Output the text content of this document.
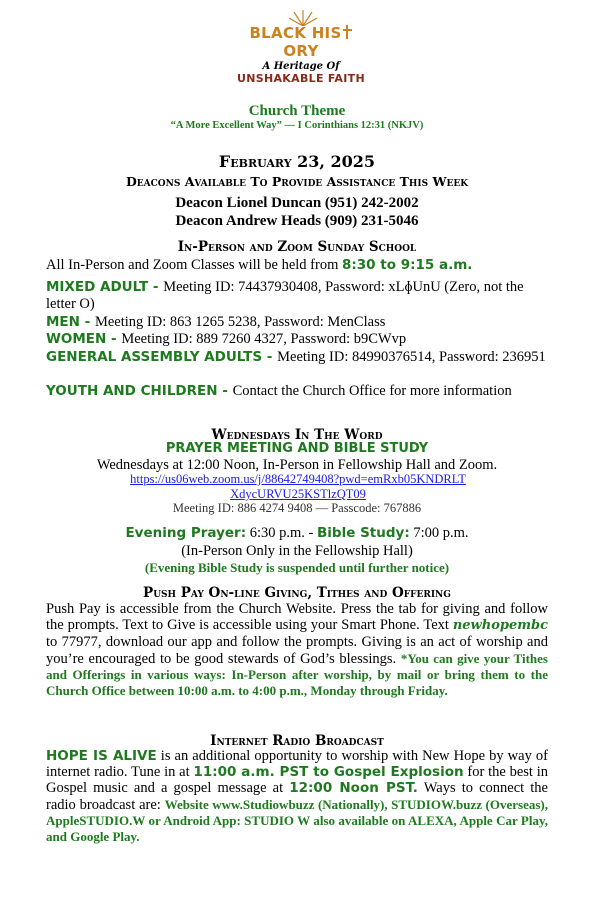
BLACK HISORY
A Heritage Of
UNSHAKABLE FAITH
Church Theme
“A More Excellent Way” — I Corinthians 12:31 (NKJV)
February 23, 2025
Deacons Available To Provide Assistance This Week
Deacon Lionel Duncan (951) 242-2002
Deacon Andrew Heads (909) 231-5046
In-Person and Zoom Sunday School
All In-Person and Zoom Classes will be held from 8:30 to 9:15 a.m.
MIXED ADULT - Meeting ID: 74437930408, Password: xLɸUnU (Zero, not the letter O)
MEN - Meeting ID: 863 1265 5238, Password: MenClass
WOMEN - Meeting ID: 889 7260 4327, Password: b9CWvp
GENERAL ASSEMBLY ADULTS - Meeting ID: 84990376514, Password: 236951
YOUTH AND CHILDREN - Contact the Church Office for more information
Wednesdays In The Word
PRAYER MEETING AND BIBLE STUDY
Wednesdays at 12:00 Noon, In-Person in Fellowship Hall and Zoom.
https://us06web.zoom.us/j/88642749408?pwd=emRxb05KNDRLTXdycURVU25KSTlzQT09
Meeting ID: 886 4274 9408 — Passcode: 767886
Evening Prayer: 6:30 p.m. - Bible Study: 7:00 p.m.
(In-Person Only in the Fellowship Hall)
(Evening Bible Study is suspended until further notice)
Push Pay On-line Giving, Tithes and Offering
Push Pay is accessible from the Church Website. Press the tab for giving and follow the prompts. Text to Give is accessible using your Smart Phone. Text newhopembc to 77977, download our app and follow the prompts. Giving is an act of worship and you’re encouraged to be good stewards of God’s blessings. *You can give your Tithes and Offerings in various ways: In-Person after worship, by mail or bring them to the Church Office between 10:00 a.m. to 4:00 p.m., Monday through Friday.
Internet Radio Broadcast
HOPE IS ALIVE is an additional opportunity to worship with New Hope by way of internet radio. Tune in at 11:00 a.m. PST to Gospel Explosion for the best in Gospel music and a gospel message at 12:00 Noon PST. Ways to connect the radio broadcast are: Website www.Studiowbuzz (Nationally), STUDIOW.buzz (Overseas), AppleSTUDIO.W or Android App: STUDIO W also available on ALEXA, Apple Car Play, and Google Play.
